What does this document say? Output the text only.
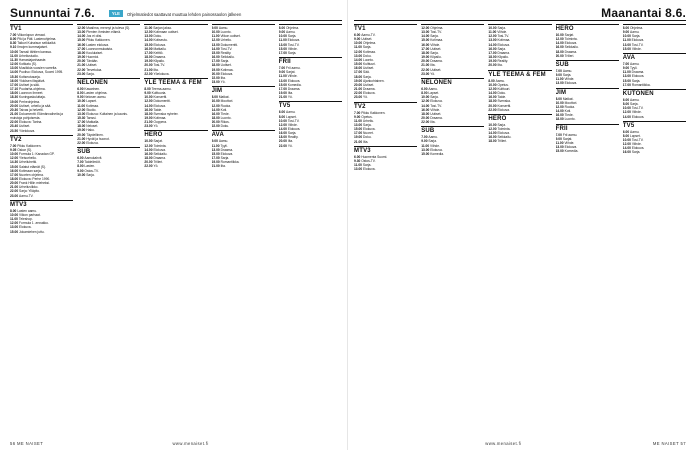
Sunnuntai 7.6.	YLE	Ohjelmatiedot saattavat muuttua lehden painossaolon jälkeen
TV1
7.00 Viikonlopun vieraat.
8.00 Piki ja Päti. Lastenohjelma.
8.30 Taikuri Kuhaisun seikkailut.
9.10 Ilmojen kummajaiset.
10.00 Tanssii tähtien kanssa.
11.00 Urheilustudio.
11.30 Harrastajanhaaste.
12.00 Kotikatu (S).
13.00 Musiikkia vuosien varrelta.
14.00 Puoliso: Elokuva, Suomi 1995.
15.30 Kotiseutusarja.
16.00 Ykkösen iltapäivä.
17.00 Uutiset ja sää.
17.10 Puutarha-ohjelma.
18.00 Luonnon ihmeet.
18.30 Kuningaskuluttaja.
19.00 Perheohjelma.
20.00 Uutiset, urheilu ja sää.
20.30 Taivas ja helvetti.
21.00 Dokumentti: Elämänvaiheita ja muistoja pohjoisesta.
22.00 Elokuva: Tarina.
23.40 Uutiset.
23.50 Yöelokuva.
TV2
7.00 Pikku Kakkonen.
9.05 Oskar (S).
10.00 Formula 1: Kanadan GP.
12.00 Yleisurheilu.
14.30 Urheiluhetki.
15.00 Salatut elämät (S).
16.00 Kotimaan sarja.
17.00 Nuorten ohjelma.
18.00 Elokuva: Perhe 1990.
20.00 Frank Hillin mieheksi.
21.00 Urheiluviikko.
22.00 Sarja: Ylläpito.
23.00 Aamu-TV.
MTV3
8.00 Lasten aamu.
10.00 Viikon parhaat.
11.00 Teleshop.
12.00 Formula 1 -ennakko.
13.00 Elokuva.
15.00 Jokamiehen juttu.
12.00 Maailma, mennyt ja tuleva (S).
13.00 Pienten ihmisten elämä.
14.00 Jos ei olisi.
15.00 Pikku Kakkonen.
16.00 Lasten elokuva.
17.00 Luonnonmukaista.
18.00 Koululaiset.
19.00 Huomioi.
20.00 Tänään.
21.00 Uutiset.
22.00 Tervetuloa.
23.00 Sarja.
NELONEN
6.00 Kasarinen.
8.00 Lasten ohjelma.
9.00 Nelosen aamu.
10.00 Lapset.
11.00 Kotimaa.
12.00 Studio.
13.00 Elokuva: Kultainen ja kaunis.
15.30 Tanssi.
17.00 Matkalla.
18.00 Neloset.
19.00 Haku.
20.00 Täydellinen.
21.00 Hyvät ja huonot.
22.00 Elokuva.
SUB
6.00 Aamukahvit.
7.00 Taideilmiöt.
8.00 Lasten.
9.00 Ostos-TV.
10.00 Sarja.
11.00 Sarjan jakso.
12.00 Kotimaan uutiset.
13.00 Doku.
14.00 Kotiseutu.
15.00 Elokuva.
16.00 Matkailu.
17.00 Keittiö.
18.00 Draama.
19.00 Kilpailu.
20.00 Tosi-TV.
21.00 Ilta.
22.00 Yöelokuva.
YLE TEEMA & FEM
8.00 Teema-aamu.
9.00 Kulttuuria.
10.00 Konsertti.
12.00 Dokumentti.
14.00 Elokuva.
16.00 Taide.
18.00 Svenska nyheter.
19.00 Kotimaa.
21.00 Ooppera.
23.00 Yö.
HERO
10.00 Sarjat.
12.00 Toiminta.
14.00 Elokuva.
16.00 Seikkailu.
18.00 Draama.
20.00 Trilleri.
22.00 Yö.
9.00 Aamu.
10.00 Luonto.
11.00 Viikon uutiset.
12.00 Urheilu.
13.00 Dokumentti.
14.00 Tosi-TV.
15.00 Reality.
16.00 Seikkailu.
17.00 Sarja.
18.00 Uutiset.
19.00 Kotimaa.
20.00 Elokuva.
22.00 Ilta.
23.00 Yö.
JIM
8.00 Matkat.
10.00 Moottori.
12.00 Ruoka.
14.00 Koti.
16.00 Tiede.
18.00 Luonto.
20.00 Rikos.
22.00 Doku.
AVA
9.00 Aamu.
11.00 Tyyli.
13.00 Draama.
15.00 Elokuva.
17.00 Sarja.
19.00 Romantiikka.
21.00 Ilta.
8.00 Ohjelma.
9.00 Aamu.
10.00 Sarja.
11.00 Elokuva.
13.00 Tosi-TV.
15.00 Viihde.
17.00 Sarja.
FRII
7.00 Frii aamu.
9.00 Sarjat.
11.00 Viihde.
13.00 Elokuva.
15.00 Komedia.
17.00 Draama.
19.00 Ilta.
21.00 Yö.
TV5
6.00 Aamu.
8.00 Lapset.
10.00 Tosi-TV.
12.00 Viihde.
14.00 Elokuva.
16.00 Sarja.
18.00 Reality.
20.00 Ilta.
22.00 Yö.
56 ME NAISET	www.menaiset.fi
Maanantai 8.6.
TV1
6.00 Aamu-TV.
9.00 Uutiset.
10.00 Ohjelma.
11.00 Sarja.
12.00 Kotimaa.
13.00 Doku.
14.00 Luonto.
15.00 Kulttuuri.
16.00 Uutiset.
17.00 Sää.
18.00 Sarja.
19.00 Ajankohtainen.
20.00 Uutiset.
21.00 Draama.
22.00 Elokuva.
23.00 Yö.
TV2
7.00 Pikku Kakkonen.
9.00 Opetus.
11.00 Urheilu.
13.00 Sarja.
15.00 Elokuva.
17.00 Nuoret.
19.00 Doku.
21.00 Ilta.
MTV3
6.00 Huomenta Suomi.
9.30 Ostos-TV.
11.00 Sarja.
13.00 Elokuva.
12.00 Ohjelma.
13.00 Tosi-TV.
14.00 Sarja.
15.00 Kotimaa.
16.00 Viihde.
17.00 Uutiset.
18.00 Sarja.
19.00 Kilpailu.
20.00 Draama.
21.00 Ilta.
22.00 Uutiset.
23.00 Yö.
NELONEN
6.00 Aamu.
8.00 Lapset.
10.00 Sarja.
12.00 Elokuva.
14.00 Tosi-TV.
16.00 Viihde.
18.00 Uutiset.
20.00 Draama.
22.00 Ilta.
SUB
7.00 Aamu.
9.00 Sarja.
11.00 Viihde.
13.00 Elokuva.
15.00 Komedia.
10.00 Sarja.
11.00 Viihde.
12.00 Tosi-TV.
13.00 Kotimaa.
14.00 Elokuva.
16.00 Sarja.
17.00 Draama.
18.00 Kilpailu.
19.00 Reality.
20.00 Ilta.
YLE TEEMA & FEM
8.00 Aamu.
10.00 Opetus.
12.00 Kulttuuri.
14.00 Doku.
16.00 Taide.
18.00 Svenska.
20.00 Konsertti.
22.00 Elokuva.
HERO
10.00 Sarja.
12.00 Toiminta.
14.00 Elokuva.
16.00 Seikkailu.
18.00 Trilleri.
HERO
10.00 Sarjat.
12.00 Toiminta.
14.00 Elokuva.
16.00 Seikkailu.
18.00 Draama.
20.00 Trilleri.
SUB
7.00 Aamu.
9.00 Sarja.
11.00 Viihde.
13.00 Elokuva.
JIM
8.00 Matkat.
10.00 Moottori.
12.00 Ruoka.
14.00 Koti.
16.00 Tiede.
18.00 Luonto.
FRII
7.00 Frii aamu.
9.00 Sarjat.
11.00 Viihde.
13.00 Elokuva.
15.00 Komedia.
8.00 Ohjelma.
9.00 Aamu.
10.00 Sarja.
11.00 Elokuva.
13.00 Tosi-TV.
15.00 Viihde.
AVA
7.00 Aamu.
9.00 Tyyli.
11.00 Draama.
13.00 Elokuva.
15.00 Sarja.
17.00 Romantiikka.
KUTONEN
6.00 Aamu.
8.00 Sarja.
10.00 Tosi-TV.
12.00 Viihde.
14.00 Elokuva.
TV5
6.00 Aamu.
8.00 Lapset.
10.00 Tosi-TV.
12.00 Viihde.
14.00 Elokuva.
16.00 Sarja.
www.menaiset.fi	ME NAISET 57
